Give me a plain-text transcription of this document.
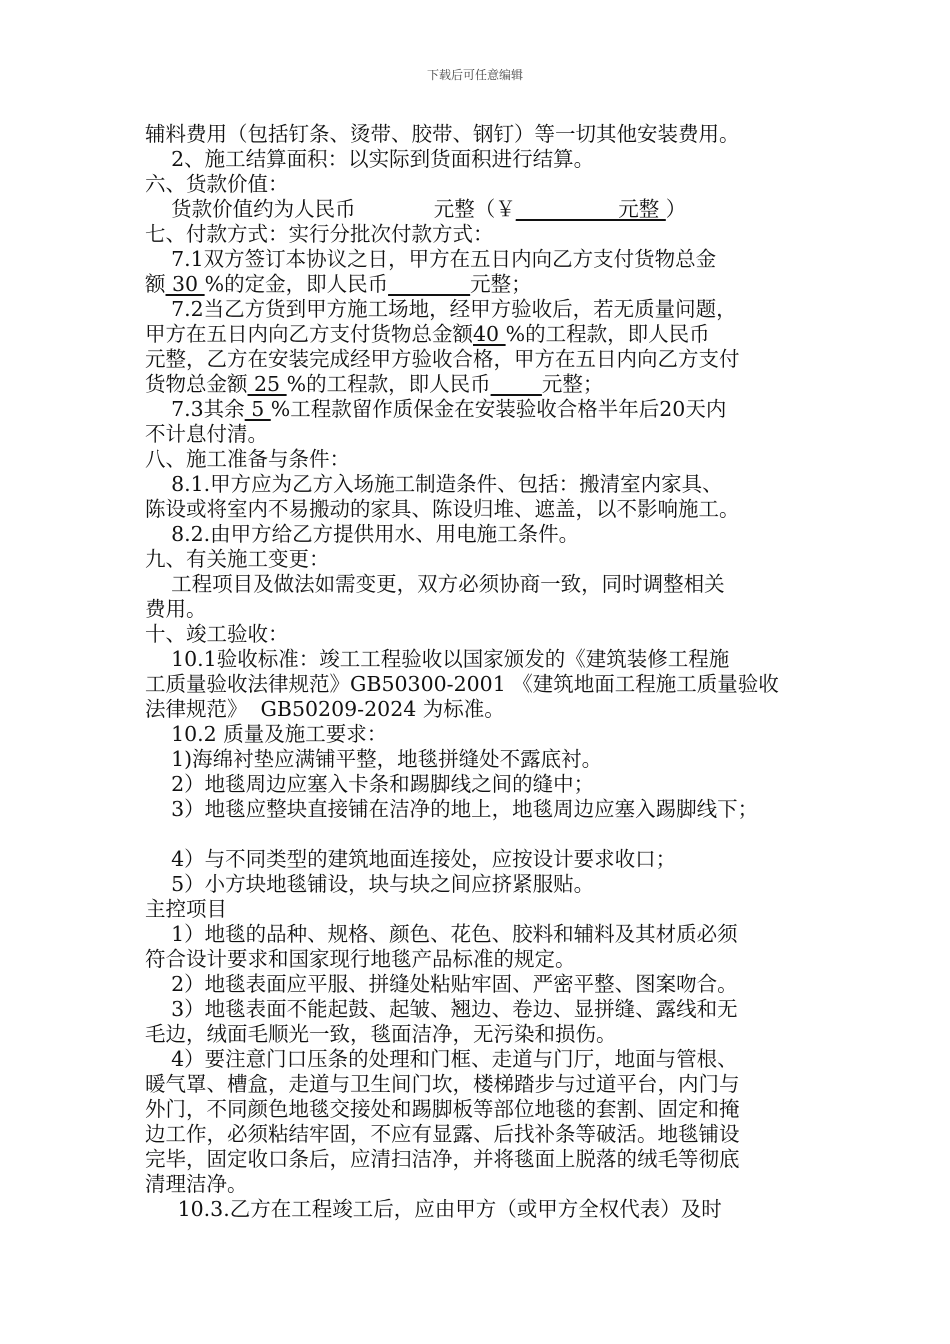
下载后可任意编辑
辅料费用（包括钉条、烫带、胶带、钢钉）等一切其他安装费用。
2、施工结算面积：以实际到货面积进行结算。
六、货款价值：
货款价值约为人民币            元整（￥__________元整 ）
七、付款方式：实行分批次付款方式：
7.1双方签订本协议之日，甲方在五日内向乙方支付货物总金
额 30 %的定金，即人民币________元整；
7.2当乙方货到甲方施工场地，经甲方验收后，若无质量问题，
甲方在五日内向乙方支付货物总金额40 %的工程款，即人民币
元整，乙方在安装完成经甲方验收合格，甲方在五日内向乙方支付
货物总金额 25 %的工程款，即人民币_____元整；
7.3其余 5 %工程款留作质保金在安装验收合格半年后20天内
不计息付清。
八、施工准备与条件：
8.1.甲方应为乙方入场施工制造条件、包括：搬清室内家具、
陈设或将室内不易搬动的家具、陈设归堆、遮盖，以不影响施工。
8.2.由甲方给乙方提供用水、用电施工条件。
九、有关施工变更：
工程项目及做法如需变更，双方必须协商一致，同时调整相关
费用。
十、竣工验收：
10.1验收标准：竣工工程验收以国家颁发的《建筑装修工程施
工质量验收法律规范》GB50300-2001 《建筑地面工程施工质量验收
法律规范》  GB50209-2024 为标准。
10.2 质量及施工要求：
1)海绵衬垫应满铺平整，地毯拼缝处不露底衬。
2）地毯周边应塞入卡条和踢脚线之间的缝中；
3）地毯应整块直接铺在洁净的地上，地毯周边应塞入踢脚线下；
4）与不同类型的建筑地面连接处，应按设计要求收口；
5）小方块地毯铺设，块与块之间应挤紧服贴。
主控项目
1）地毯的品种、规格、颜色、花色、胶料和辅料及其材质必须
符合设计要求和国家现行地毯产品标准的规定。
2）地毯表面应平服、拼缝处粘贴牢固、严密平整、图案吻合。
3）地毯表面不能起鼓、起皱、翘边、卷边、显拼缝、露线和无
毛边，绒面毛顺光一致，毯面洁净，无污染和损伤。
4）要注意门口压条的处理和门框、走道与门厅，地面与管根、
暖气罩、槽盒，走道与卫生间门坎，楼梯踏步与过道平台，内门与
外门，不同颜色地毯交接处和踢脚板等部位地毯的套割、固定和掩
边工作，必须粘结牢固，不应有显露、后找补条等破活。地毯铺设
完毕，固定收口条后，应清扫洁净，并将毯面上脱落的绒毛等彻底
清理洁净。
10.3.乙方在工程竣工后，应由甲方（或甲方全权代表）及时
